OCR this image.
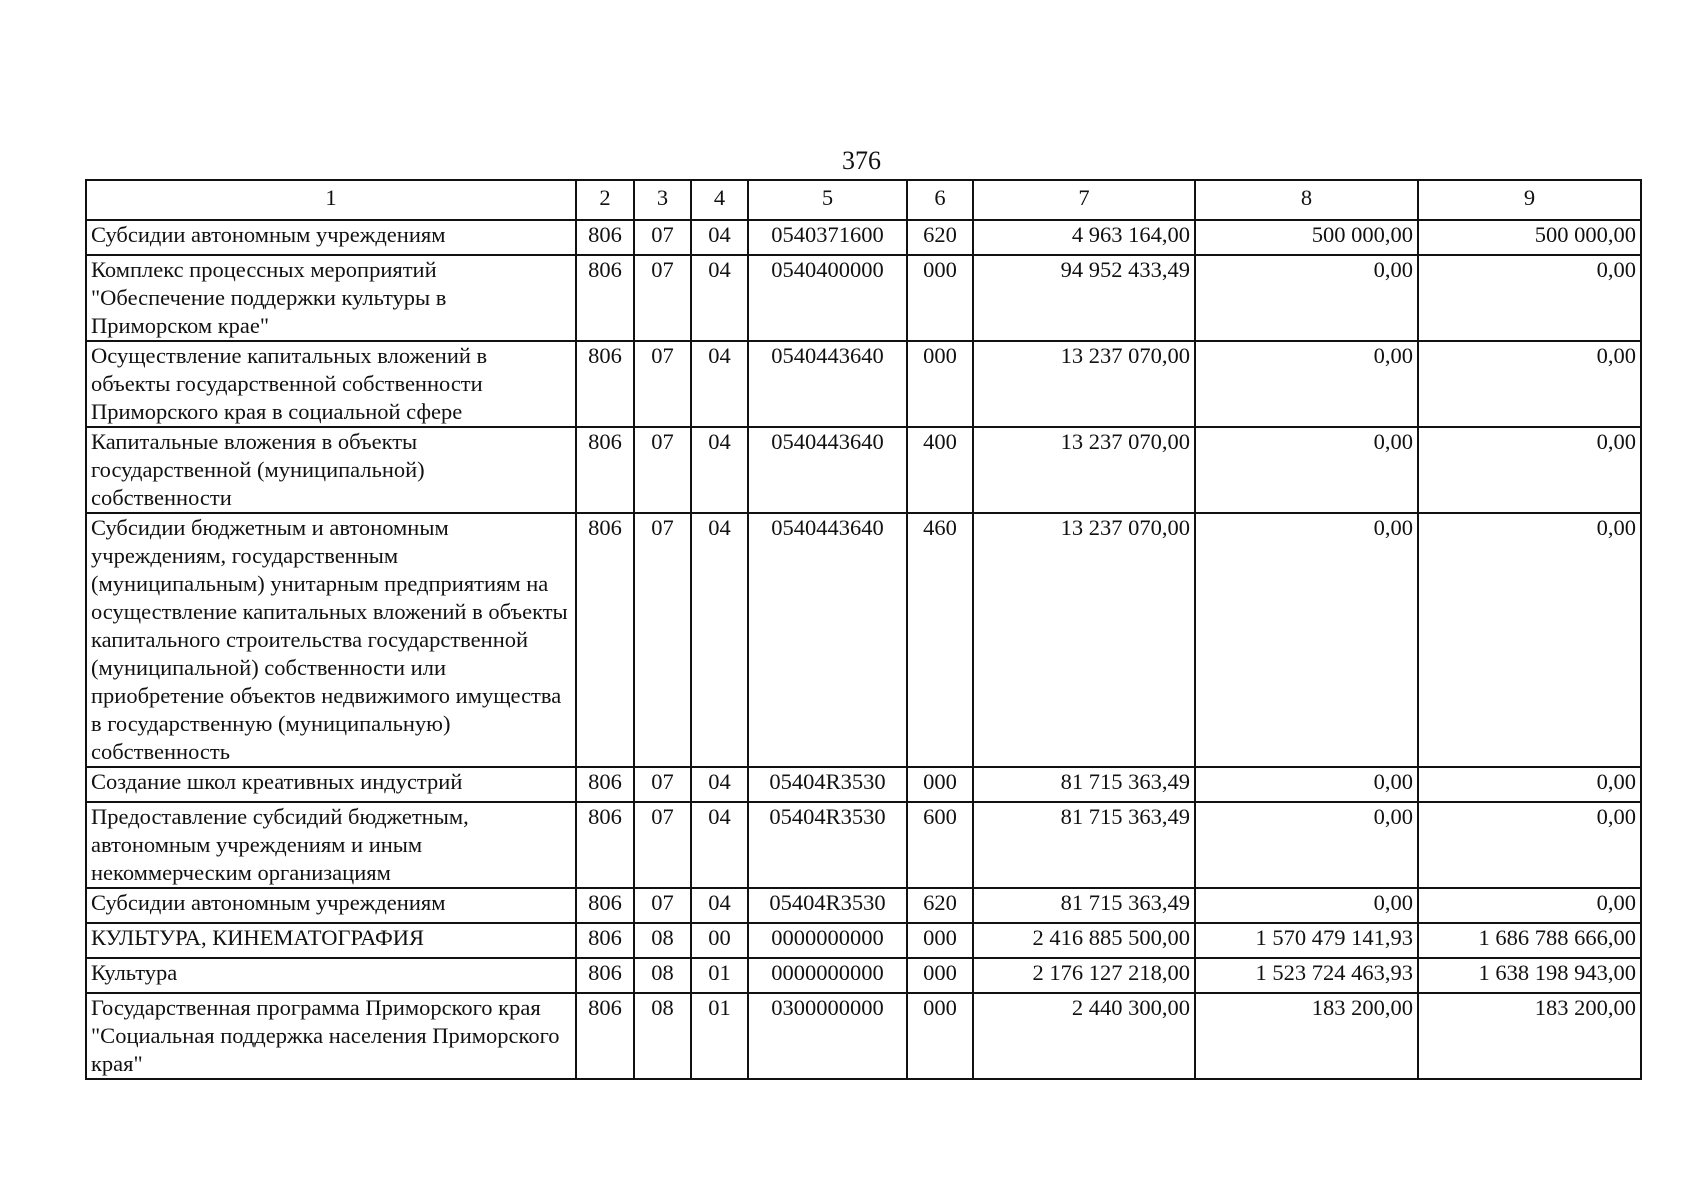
376
1	2	3	4	5	6	7	8	9
Субсидии автономным учреждениям	806	07	04	0540371600	620	4 963 164,00	500 000,00	500 000,00
Комплекс процессных мероприятий "Обеспечение поддержки культуры в Приморском крае"	806	07	04	0540400000	000	94 952 433,49	0,00	0,00
Осуществление капитальных вложений в объекты государственной собственности Приморского края в социальной сфере	806	07	04	0540443640	000	13 237 070,00	0,00	0,00
Капитальные вложения в объекты государственной (муниципальной) собственности	806	07	04	0540443640	400	13 237 070,00	0,00	0,00
Субсидии бюджетным и автономным учреждениям, государственным (муниципальным) унитарным предприятиям на осуществление капитальных вложений в объекты капитального строительства государственной (муниципальной) собственности или приобретение объектов недвижимого имущества в государственную (муниципальную) собственность	806	07	04	0540443640	460	13 237 070,00	0,00	0,00
Создание школ креативных индустрий	806	07	04	05404R3530	000	81 715 363,49	0,00	0,00
Предоставление субсидий бюджетным, автономным учреждениям и иным некоммерческим организациям	806	07	04	05404R3530	600	81 715 363,49	0,00	0,00
Субсидии автономным учреждениям	806	07	04	05404R3530	620	81 715 363,49	0,00	0,00
КУЛЬТУРА, КИНЕМАТОГРАФИЯ	806	08	00	0000000000	000	2 416 885 500,00	1 570 479 141,93	1 686 788 666,00
Культура	806	08	01	0000000000	000	2 176 127 218,00	1 523 724 463,93	1 638 198 943,00
Государственная программа Приморского края "Социальная поддержка населения Приморского края"	806	08	01	0300000000	000	2 440 300,00	183 200,00	183 200,00
